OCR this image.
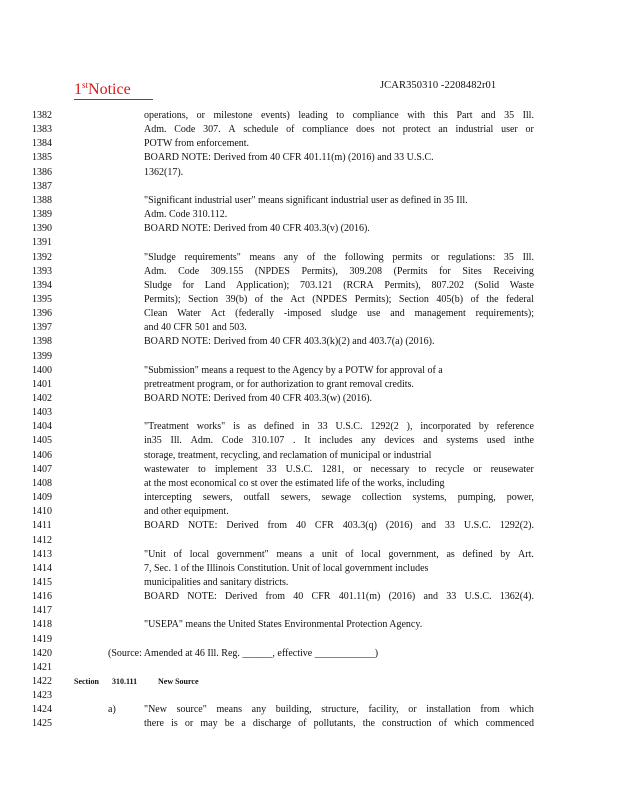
1stNotice	JCAR350310 -2208482r01
1382	operations, or milestone events) leading to compliance with this Part and 35 Ill.
1383	Adm. Code 307. A schedule of compliance does not protect an industrial user or
1384	POTW from enforcement.
1385	BOARD NOTE: Derived from 40 CFR 401.11(m) (2016) and 33 U.S.C.
1386	1362(17).
1387
1388	"Significant industrial user" means significant industrial user as defined in 35 Ill.
1389	Adm. Code 310.112.
1390	BOARD NOTE: Derived from 40 CFR 403.3(v) (2016).
1391
1392	"Sludge requirements" means any of the following permits or regulations: 35 Ill.
1393	Adm. Code 309.155 (NPDES Permits), 309.208 (Permits for Sites Receiving
1394	Sludge for Land Application); 703.121 (RCRA Permits), 807.202 (Solid Waste
1395	Permits); Section 39(b) of the Act (NPDES Permits); Section 405(b) of the federal
1396	Clean Water Act (federally -imposed sludge use and management requirements);
1397	and 40 CFR 501 and 503.
1398	BOARD NOTE: Derived from 40 CFR 403.3(k)(2) and 403.7(a) (2016).
1399
1400	"Submission" means a request to the Agency by a POTW for approval of a
1401	pretreatment program, or for authorization to grant removal credits.
1402	BOARD NOTE: Derived from 40 CFR 403.3(w) (2016).
1403
1404	"Treatment works" is as defined in 33 U.S.C. 1292(2 ), incorporated by reference
1405	in35 Ill. Adm. Code 310.107 . It includes any devices and systems used inthe
1406	storage, treatment, recycling, and reclamation of municipal or industrial
1407	wastewater to implement 33 U.S.C. 1281, or necessary to recycle or reusewater
1408	at the most economical co st over the estimated life of the works, including
1409	intercepting sewers, outfall sewers, sewage collection systems, pumping, power,
1410	and other equipment.
1411	BOARD NOTE: Derived from 40 CFR 403.3(q) (2016) and 33 U.S.C. 1292(2).
1412
1413	"Unit of local government" means a unit of local government, as defined by Art.
1414	7, Sec. 1 of the Illinois Constitution. Unit of local government includes
1415	municipalities and sanitary districts.
1416	BOARD NOTE: Derived from 40 CFR 401.11(m) (2016) and 33 U.S.C. 1362(4).
1417
1418	"USEPA" means the United States Environmental Protection Agency.
1419
1420	(Source: Amended at 46 Ill. Reg. ______, effective ____________)
1421
1422	Section 310.111	New Source
1423
1424	a)	"New source" means any building, structure, facility, or installation from which
1425	there is or may be a discharge of pollutants, the construction of which commenced
